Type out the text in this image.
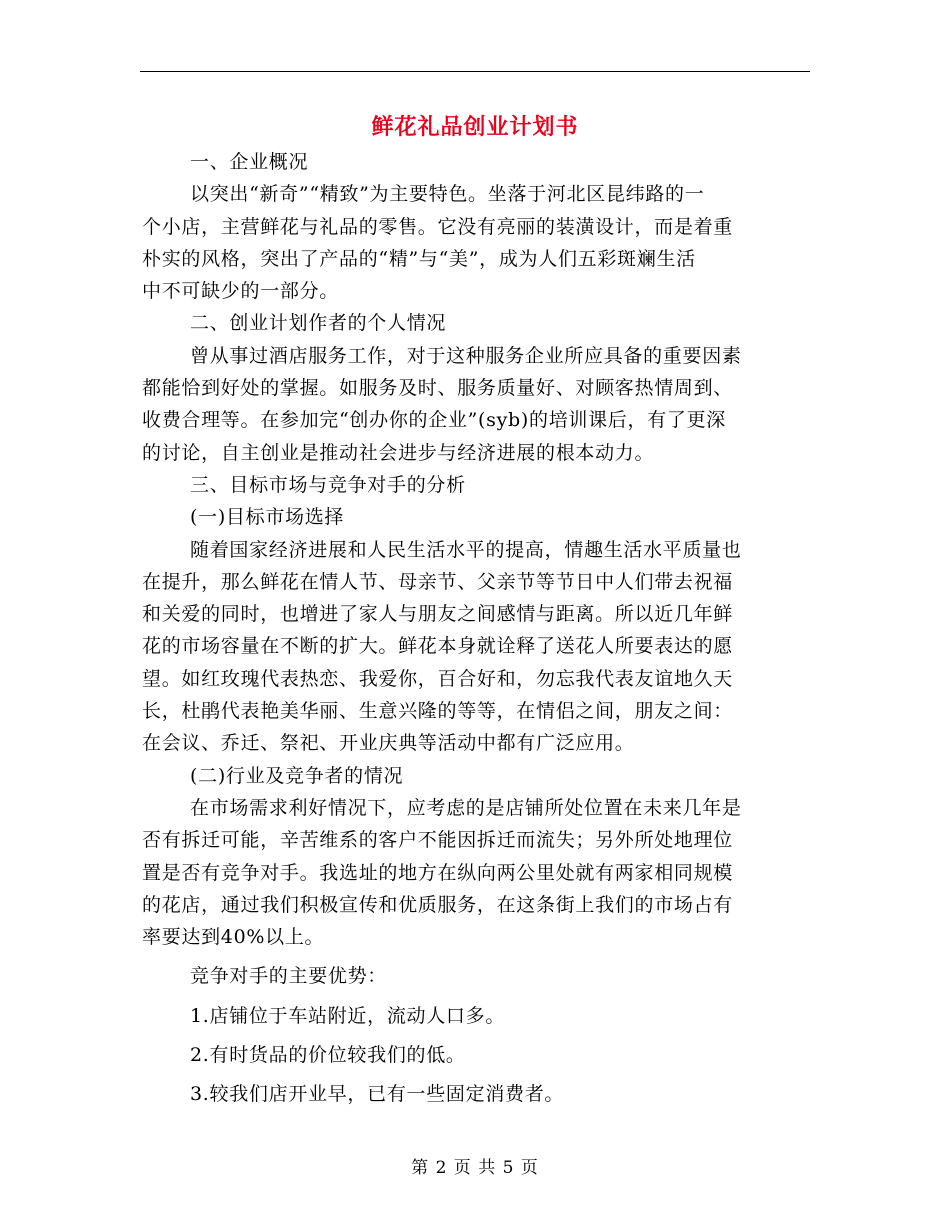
鲜花礼品创业计划书
一、企业概况
以突出“新奇”“精致”为主要特色。坐落于河北区昆纬路的一
个小店，主营鲜花与礼品的零售。它没有亮丽的装潢设计，而是着重
朴实的风格，突出了产品的“精”与“美”，成为人们五彩斑斓生活
中不可缺少的一部分。
二、创业计划作者的个人情况
曾从事过酒店服务工作，对于这种服务企业所应具备的重要因素
都能恰到好处的掌握。如服务及时、服务质量好、对顾客热情周到、
收费合理等。在参加完“创办你的企业”(syb)的培训课后，有了更深
的讨论，自主创业是推动社会进步与经济进展的根本动力。
三、目标市场与竞争对手的分析
(一)目标市场选择
随着国家经济进展和人民生活水平的提高，情趣生活水平质量也
在提升，那么鲜花在情人节、母亲节、父亲节等节日中人们带去祝福
和关爱的同时，也增进了家人与朋友之间感情与距离。所以近几年鲜
花的市场容量在不断的扩大。鲜花本身就诠释了送花人所要表达的愿
望。如红玫瑰代表热恋、我爱你，百合好和，勿忘我代表友谊地久天
长，杜鹃代表艳美华丽、生意兴隆的等等，在情侣之间，朋友之间：
在会议、乔迁、祭祀、开业庆典等活动中都有广泛应用。
(二)行业及竞争者的情况
在市场需求利好情况下，应考虑的是店铺所处位置在未来几年是
否有拆迁可能，辛苦维系的客户不能因拆迁而流失；另外所处地理位
置是否有竞争对手。我选址的地方在纵向两公里处就有两家相同规模
的花店，通过我们积极宣传和优质服务，在这条街上我们的市场占有
率要达到40%以上。
竞争对手的主要优势：
1.店铺位于车站附近，流动人口多。
2.有时货品的价位较我们的低。
3.较我们店开业早，已有一些固定消费者。
第 2 页 共 5 页
